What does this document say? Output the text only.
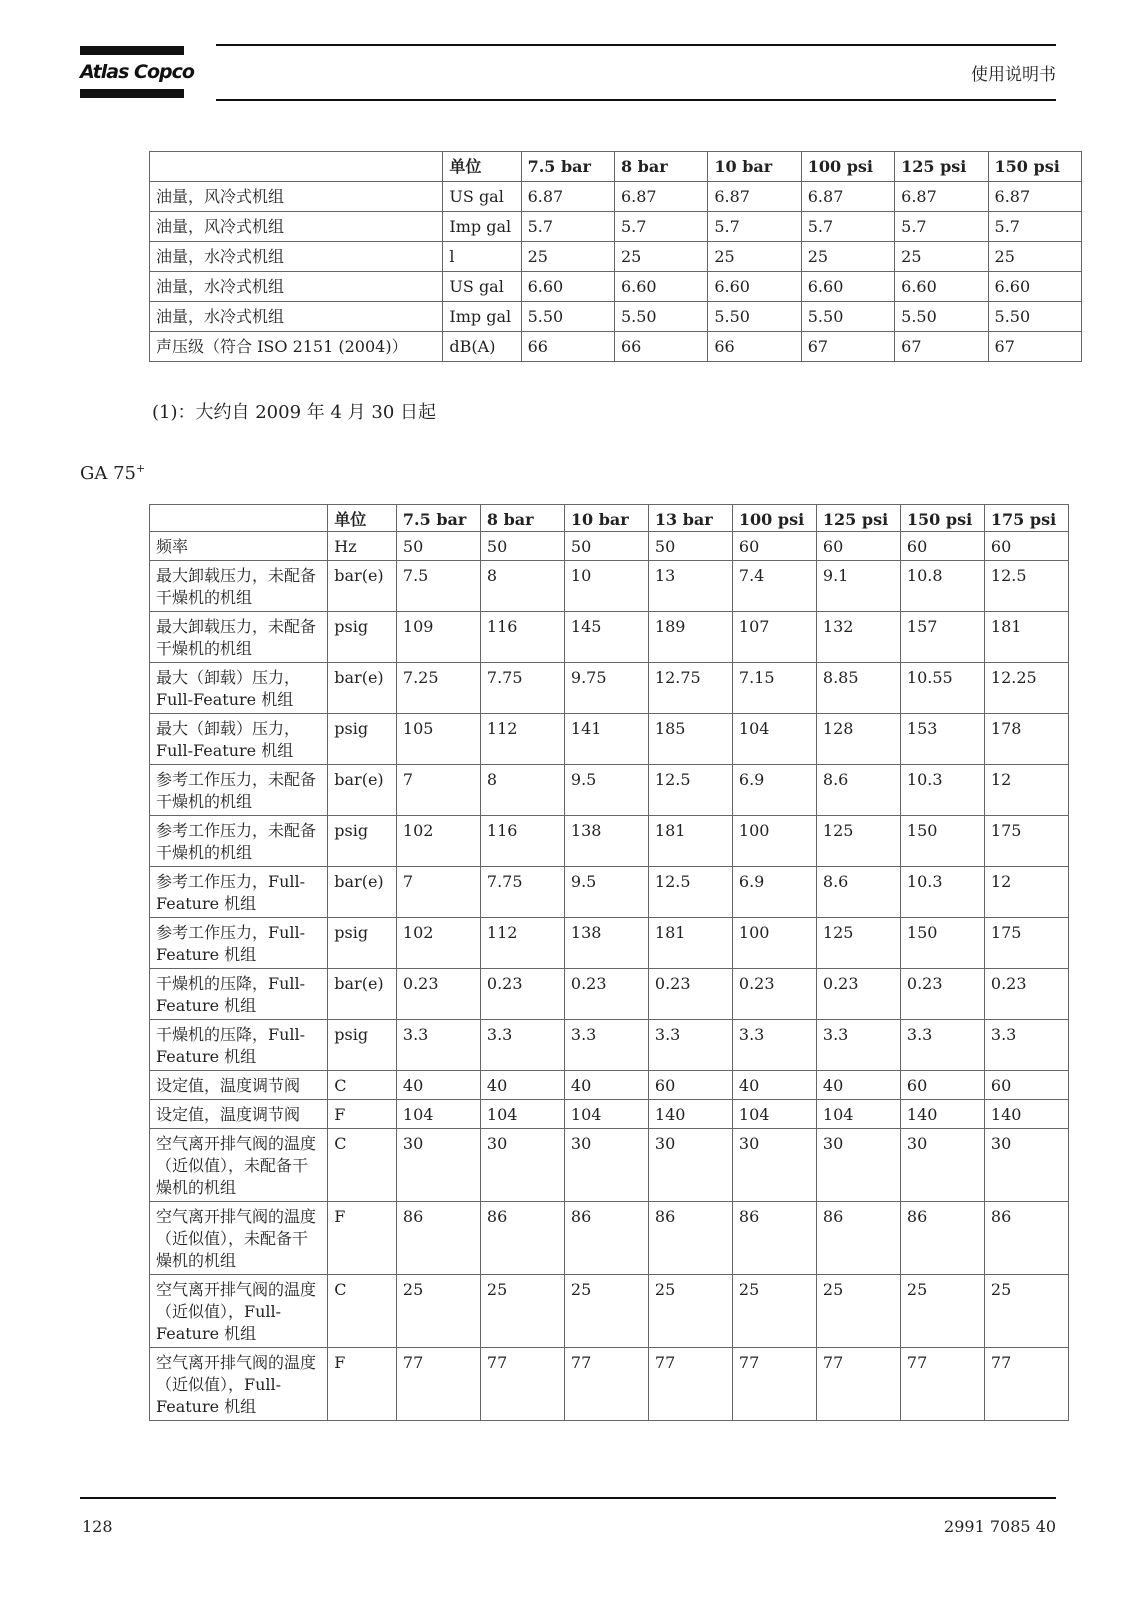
Atlas Copco	使用说明书
	单位	7.5 bar	8 bar	10 bar	100 psi	125 psi	150 psi
油量，风冷式机组	US gal	6.87	6.87	6.87	6.87	6.87	6.87
油量，风冷式机组	Imp gal	5.7	5.7	5.7	5.7	5.7	5.7
油量，水冷式机组	l	25	25	25	25	25	25
油量，水冷式机组	US gal	6.60	6.60	6.60	6.60	6.60	6.60
油量，水冷式机组	Imp gal	5.50	5.50	5.50	5.50	5.50	5.50
声压级（符合 ISO 2151 (2004)）	dB(A)	66	66	66	67	67	67
(1)：大约自 2009 年 4 月 30 日起
GA 75+
	单位	7.5 bar	8 bar	10 bar	13 bar	100 psi	125 psi	150 psi	175 psi
频率	Hz	50	50	50	50	60	60	60	60
最大卸载压力，未配备干燥机的机组	bar(e)	7.5	8	10	13	7.4	9.1	10.8	12.5
最大卸载压力，未配备干燥机的机组	psig	109	116	145	189	107	132	157	181
最大（卸载）压力，Full-Feature 机组	bar(e)	7.25	7.75	9.75	12.75	7.15	8.85	10.55	12.25
最大（卸载）压力，Full-Feature 机组	psig	105	112	141	185	104	128	153	178
参考工作压力，未配备干燥机的机组	bar(e)	7	8	9.5	12.5	6.9	8.6	10.3	12
参考工作压力，未配备干燥机的机组	psig	102	116	138	181	100	125	150	175
参考工作压力，Full-Feature 机组	bar(e)	7	7.75	9.5	12.5	6.9	8.6	10.3	12
参考工作压力，Full-Feature 机组	psig	102	112	138	181	100	125	150	175
干燥机的压降，Full-Feature 机组	bar(e)	0.23	0.23	0.23	0.23	0.23	0.23	0.23	0.23
干燥机的压降，Full-Feature 机组	psig	3.3	3.3	3.3	3.3	3.3	3.3	3.3	3.3
设定值，温度调节阀	C	40	40	40	60	40	40	60	60
设定值，温度调节阀	F	104	104	104	140	104	104	140	140
空气离开排气阀的温度（近似值），未配备干燥机的机组	C	30	30	30	30	30	30	30	30
空气离开排气阀的温度（近似值），未配备干燥机的机组	F	86	86	86	86	86	86	86	86
空气离开排气阀的温度（近似值），Full-Feature 机组	C	25	25	25	25	25	25	25	25
空气离开排气阀的温度（近似值），Full-Feature 机组	F	77	77	77	77	77	77	77	77
128	2991 7085 40
